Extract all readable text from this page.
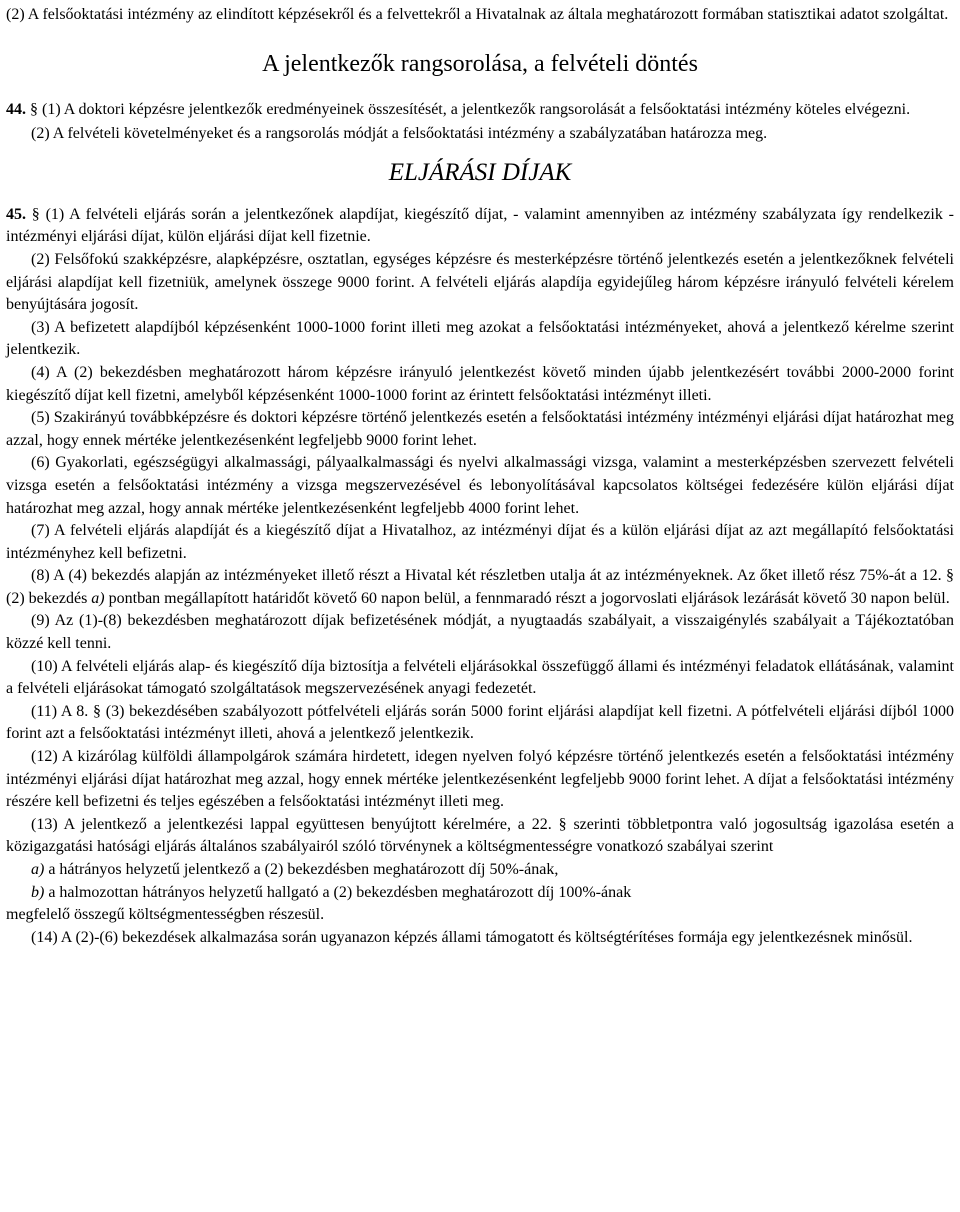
(2) A felsőoktatási intézmény az elindított képzésekről és a felvettekről a Hivatalnak az általa meghatározott formában statisztikai adatot szolgáltat.

A jelentkezők rangsorolása, a felvételi döntés

44. § (1) A doktori képzésre jelentkezők eredményeinek összesítését, a jelentkezők rangsorolását a felsőoktatási intézmény köteles elvégezni.

(2) A felvételi követelményeket és a rangsorolás módját a felsőoktatási intézmény a szabályzatában határozza meg.

ELJÁRÁSI DÍJAK

45. § (1) A felvételi eljárás során a jelentkezőnek alapdíjat, kiegészítő díjat, - valamint amennyiben az intézmény szabályzata így rendelkezik - intézményi eljárási díjat, külön eljárási díjat kell fizetnie.

(2) Felsőfokú szakképzésre, alapképzésre, osztatlan, egységes képzésre és mesterképzésre történő jelentkezés esetén a jelentkezőknek felvételi eljárási alapdíjat kell fizetniük, amelynek összege 9000 forint. A felvételi eljárás alapdíja egyidejűleg három képzésre irányuló felvételi kérelem benyújtására jogosít.

(3) A befizetett alapdíjból képzésenként 1000-1000 forint illeti meg azokat a felsőoktatási intézményeket, ahová a jelentkező kérelme szerint jelentkezik.

(4) A (2) bekezdésben meghatározott három képzésre irányuló jelentkezést követő minden újabb jelentkezésért további 2000-2000 forint kiegészítő díjat kell fizetni, amelyből képzésenként 1000-1000 forint az érintett felsőoktatási intézményt illeti.

(5) Szakirányú továbbképzésre és doktori képzésre történő jelentkezés esetén a felsőoktatási intézmény intézményi eljárási díjat határozhat meg azzal, hogy ennek mértéke jelentkezésenként legfeljebb 9000 forint lehet.

(6) Gyakorlati, egészségügyi alkalmassági, pályaalkalmassági és nyelvi alkalmassági vizsga, valamint a mesterképzésben szervezett felvételi vizsga esetén a felsőoktatási intézmény a vizsga megszervezésével és lebonyolításával kapcsolatos költségei fedezésére külön eljárási díjat határozhat meg azzal, hogy annak mértéke jelentkezésenként legfeljebb 4000 forint lehet.

(7) A felvételi eljárás alapdíját és a kiegészítő díjat a Hivatalhoz, az intézményi díjat és a külön eljárási díjat az azt megállapító felsőoktatási intézményhez kell befizetni.

(8) A (4) bekezdés alapján az intézményeket illető részt a Hivatal két részletben utalja át az intézményeknek. Az őket illető rész 75%-át a 12. § (2) bekezdés a) pontban megállapított határidőt követő 60 napon belül, a fennmaradó részt a jogorvoslati eljárások lezárását követő 30 napon belül.

(9) Az (1)-(8) bekezdésben meghatározott díjak befizetésének módját, a nyugtaadás szabályait, a visszaigénylés szabályait a Tájékoztatóban közzé kell tenni.

(10) A felvételi eljárás alap- és kiegészítő díja biztosítja a felvételi eljárásokkal összefüggő állami és intézményi feladatok ellátásának, valamint a felvételi eljárásokat támogató szolgáltatások megszervezésének anyagi fedezetét.

(11) A 8. § (3) bekezdésében szabályozott pótfelvételi eljárás során 5000 forint eljárási alapdíjat kell fizetni. A pótfelvételi eljárási díjból 1000 forint azt a felsőoktatási intézményt illeti, ahová a jelentkező jelentkezik.

(12) A kizárólag külföldi állampolgárok számára hirdetett, idegen nyelven folyó képzésre történő jelentkezés esetén a felsőoktatási intézmény intézményi eljárási díjat határozhat meg azzal, hogy ennek mértéke jelentkezésenként legfeljebb 9000 forint lehet. A díjat a felsőoktatási intézmény részére kell befizetni és teljes egészében a felsőoktatási intézményt illeti meg.

(13) A jelentkező a jelentkezési lappal együttesen benyújtott kérelmére, a 22. § szerinti többletpontra való jogosultság igazolása esetén a közigazgatási hatósági eljárás általános szabályairól szóló törvénynek a költségmentességre vonatkozó szabályai szerint

a) a hátrányos helyzetű jelentkező a (2) bekezdésben meghatározott díj 50%-ának,

b) a halmozottan hátrányos helyzetű hallgató a (2) bekezdésben meghatározott díj 100%-ának

megfelelő összegű költségmentességben részesül.

(14) A (2)-(6) bekezdések alkalmazása során ugyanazon képzés állami támogatott és költségtérítéses formája egy jelentkezésnek minősül.
